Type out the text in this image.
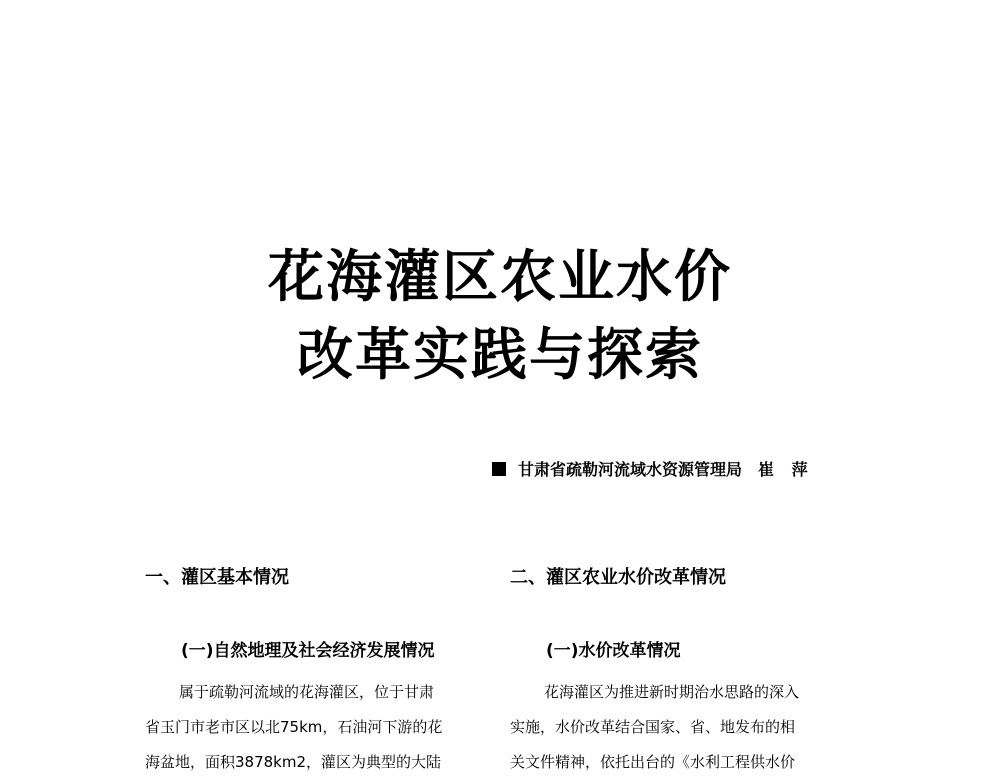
花海灌区农业水价
改革实践与探索
甘肃省疏勒河流域水资源管理局 崔 萍
一、灌区基本情况
(一)自然地理及社会经济发展情况

属于疏勒河流域的花海灌区，位于甘肃
省玉门市老市区以北75km，石油河下游的花
海盆地，面积3878km2，灌区为典型的大陆

二、灌区农业水价改革情况
(一)水价改革情况

花海灌区为推进新时期治水思路的深入
实施，水价改革结合国家、省、地发布的相
关文件精神，依托出台的《水利工程供水价
